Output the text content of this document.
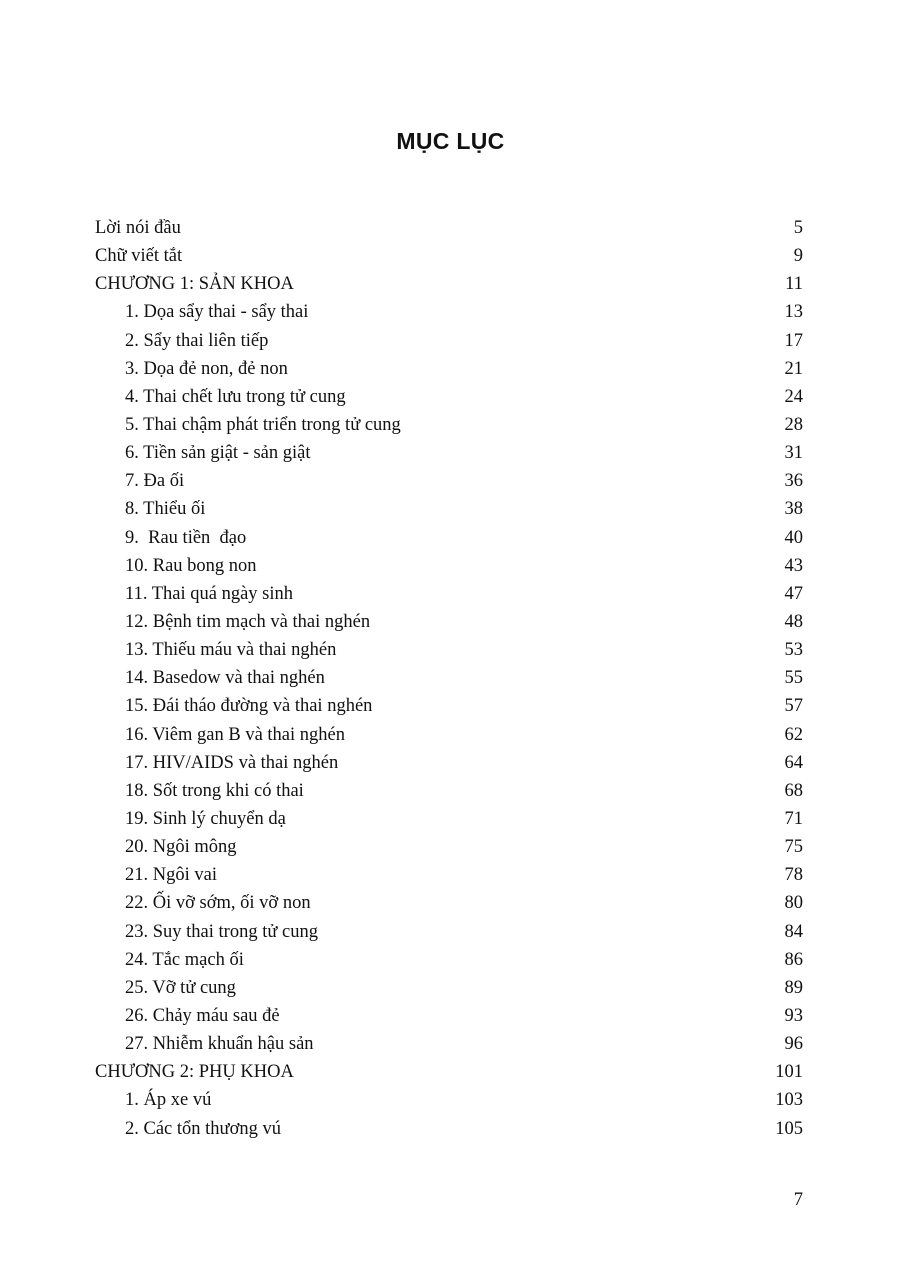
MỤC LỤC
Lời nói đầu	5
Chữ viết tắt	9
CHƯƠNG 1: SẢN KHOA	11
1. Dọa sẩy thai - sẩy thai	13
2. Sẩy thai liên tiếp	17
3. Dọa đẻ non, đẻ non	21
4. Thai chết lưu trong tử cung	24
5. Thai chậm phát triển trong tử cung	28
6. Tiền sản giật - sản giật	31
7. Đa ối	36
8. Thiểu ối	38
9.  Rau tiền  đạo	40
10. Rau bong non	43
11. Thai quá ngày sinh	47
12. Bệnh tim mạch và thai nghén	48
13. Thiếu máu và thai nghén	53
14. Basedow và thai nghén	55
15. Đái tháo đường và thai nghén	57
16. Viêm gan B và thai nghén	62
17. HIV/AIDS và thai nghén	64
18. Sốt trong khi có thai	68
19. Sinh lý chuyển dạ	71
20. Ngôi mông	75
21. Ngôi vai	78
22. Ối vỡ sớm, ối vỡ non	80
23. Suy thai trong tử cung	84
24. Tắc mạch ối	86
25. Vỡ tử cung	89
26. Chảy máu sau đẻ	93
27. Nhiễm khuẩn hậu sản	96
CHƯƠNG 2: PHỤ KHOA	101
1. Áp xe vú	103
2. Các tổn thương vú	105
7
